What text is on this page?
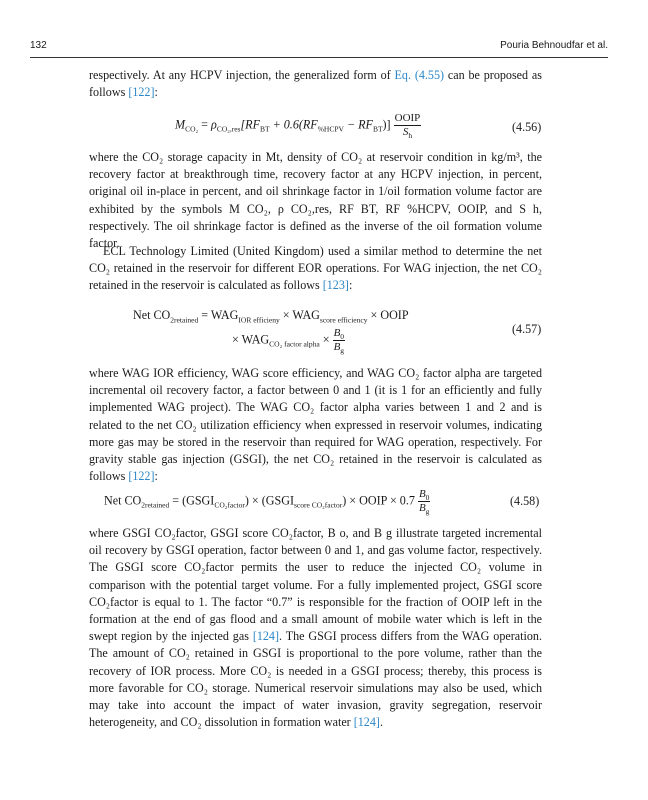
132	Pouria Behnoudfar et al.

respectively. At any HCPV injection, the generalized form of Eq. (4.55) can be proposed as follows [122]:

$M_{CO_2} = \rho_{CO_2,res}[RF_{BT} + 0.6(RF_{\%HCPV} - RF_{BT})] \frac{\text{OOIP}}{S_h}$	(4.56)

where the CO₂ storage capacity in Mt, density of CO₂ at reservoir condition in kg/m³, the recovery factor at breakthrough time, recovery factor at any HCPV injection, in percent, original oil in-place in percent, and oil shrinkage factor in 1/oil formation volume factor are exhibited by the symbols M CO₂, ρ CO₂,res, RF BT, RF %HCPV, OOIP, and S h, respectively. The oil shrinkage factor is defined as the inverse of the oil formation volume factor.

ECL Technology Limited (United Kingdom) used a similar method to determine the net CO₂ retained in the reservoir for different EOR operations. For WAG injection, the net CO₂ retained in the reservoir is calculated as follows [123]:

Net $CO_{2retained} = WAG_{IOR efficieny} \times WAG_{score efficiency}$ × OOIP
× $WAG_{CO_2 factor alpha} \times \frac{B_0}{B_g}$	(4.57)

where WAG IOR efficiency, WAG score efficiency, and WAG CO₂ factor alpha are targeted incremental oil recovery factor, a factor between 0 and 1 (it is 1 for an efficiently and fully implemented WAG project). The WAG CO₂ factor alpha varies between 1 and 2 and is related to the net CO₂ utilization efficiency when expressed in reservoir volumes, indicating more gas may be stored in the reservoir than required for WAG operation, respectively. For gravity stable gas injection (GSGI), the net CO₂ retained in the reservoir is calculated as follows [122]:

Net $CO_{2retained}$ = $(GSGI_{CO_2factor})$ × $(GSGI_{score CO_2factor})$ × OOIP × $0.7 \frac{B_0}{B_g}$	(4.58)

where GSGI CO₂factor, GSGI score CO₂factor, B o, and B g illustrate targeted incremental oil recovery by GSGI operation, factor between 0 and 1, and gas volume factor, respectively. The GSGI score CO₂factor permits the user to reduce the injected CO₂ volume in comparison with the potential target volume. For a fully implemented project, GSGI score CO₂factor is equal to 1. The factor “0.7” is responsible for the fraction of OOIP left in the formation at the end of gas flood and a small amount of mobile water which is left in the swept region by the injected gas [124]. The GSGI process differs from the WAG operation. The amount of CO₂ retained in GSGI is proportional to the pore volume, rather than the recovery of IOR process. More CO₂ is needed in a GSGI process; thereby, this process is more favorable for CO₂ storage. Numerical reservoir simulations may also be used, which may take into account the impact of water invasion, gravity segregation, reservoir heterogeneity, and CO₂ dissolution in formation water [124].
